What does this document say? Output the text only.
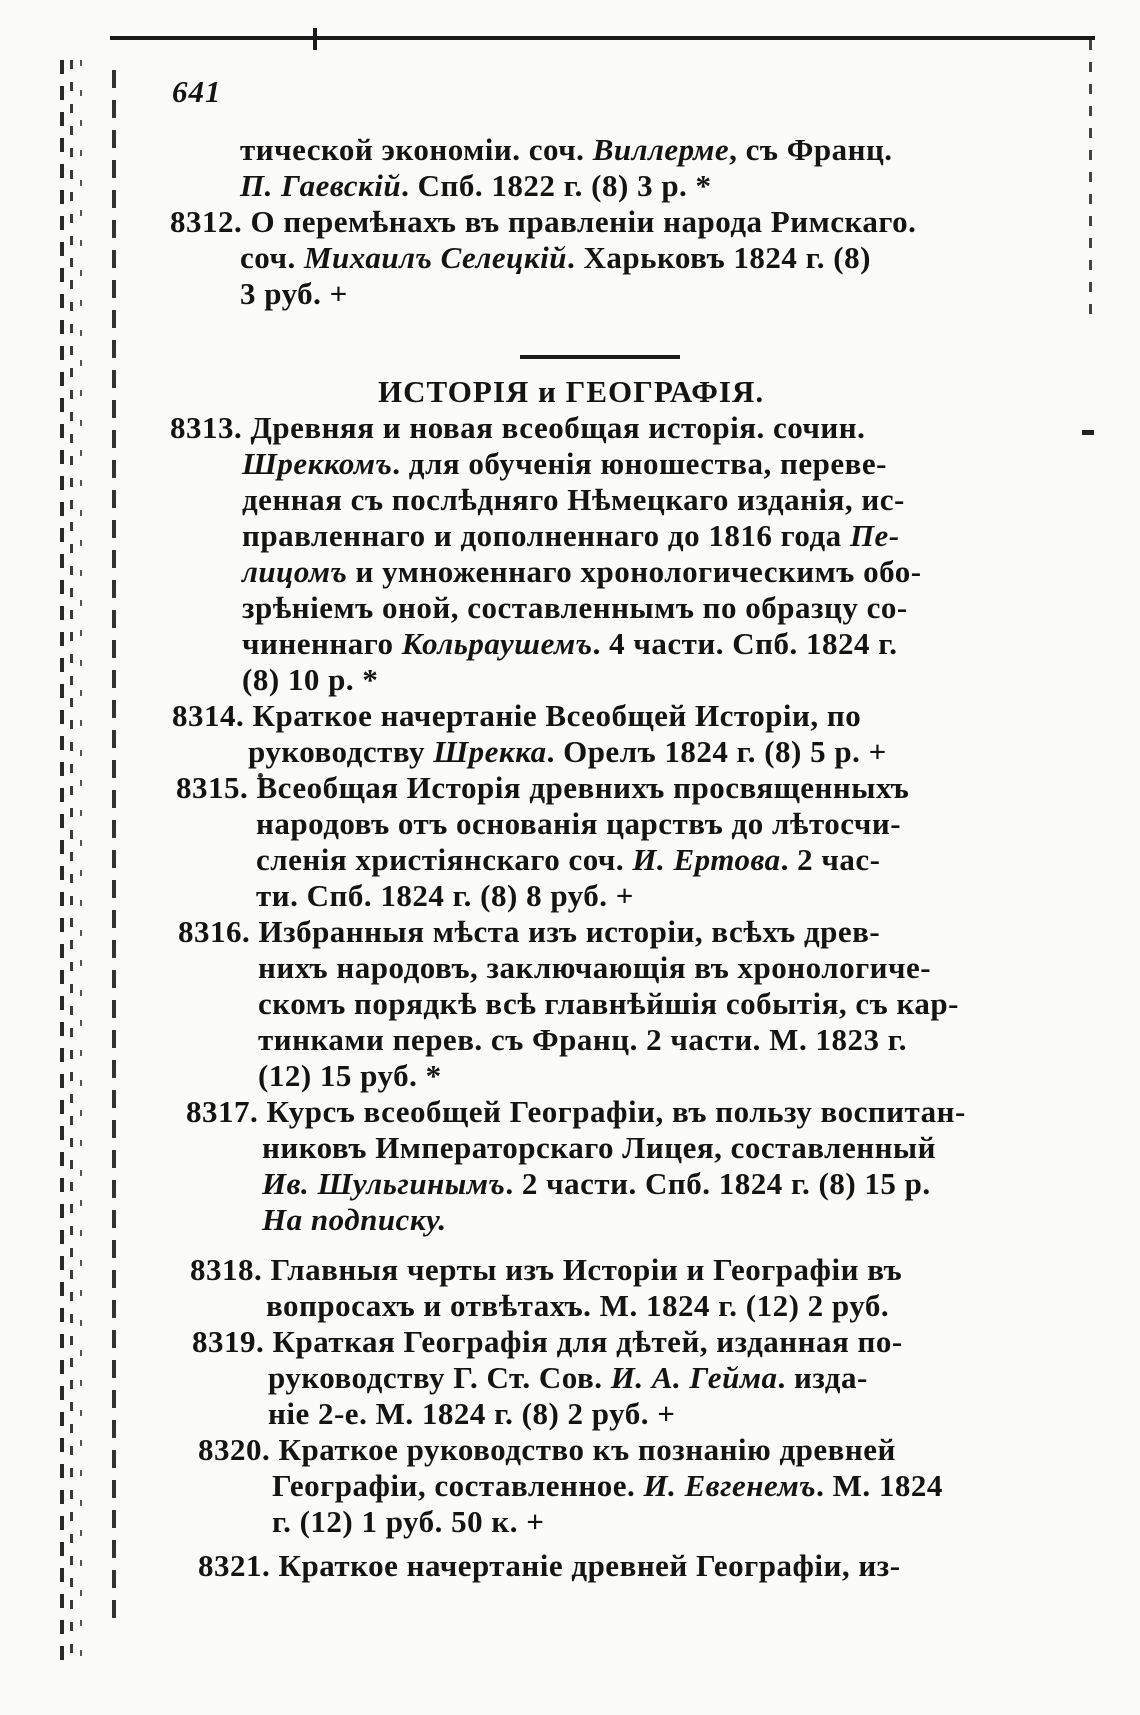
641
тической экономіи. соч. Виллерме, съ Франц.
П. Гаевскій. Спб. 1822 г. (8) 3 р. *
8312. О перемѣнахъ въ правленіи народа Римскаго.
соч. Михаилъ Селецкій. Харьковъ 1824 г. (8)
3 руб. +
ИСТОРІЯ и ГЕОГРАФІЯ.
8313. Древняя и новая всеобщая исторія. сочин.
Шреккомъ. для обученія юношества, переве-
денная съ послѣдняго Нѣмецкаго изданія, ис-
правленнаго и дополненнаго до 1816 года Пе-
лицомъ и умноженнаго хронологическимъ обо-
зрѣніемъ оной, составленнымъ по образцу со-
чиненнаго Кольраушемъ. 4 части. Спб. 1824 г.
(8) 10 р. *
8314. Краткое начертаніе Всеобщей Исторіи, по
руководству Шрекка. Орелъ 1824 г. (8) 5 р. +
8315. Всеобщая Исторія древнихъ просвященныхъ
народовъ отъ основанія царствъ до лѣтосчи-
сленія христіянскаго соч. И. Ертова. 2 час-
ти. Спб. 1824 г. (8) 8 руб. +
8316. Избранныя мѣста изъ исторіи, всѣхъ древ-
нихъ народовъ, заключающія въ хронологиче-
скомъ порядкѣ всѣ главнѣйшія событія, съ кар-
тинками перев. съ Франц. 2 части. М. 1823 г.
(12) 15 руб. *
8317. Курсъ всеобщей Географіи, въ пользу воспитан-
никовъ Императорскаго Лицея, составленный
Ив. Шульгинымъ. 2 части. Спб. 1824 г. (8) 15 р.
На подписку.
8318. Главныя черты изъ Исторіи и Географіи въ
вопросахъ и отвѣтахъ. М. 1824 г. (12) 2 руб.
8319. Краткая Географія для дѣтей, изданная по-
руководству Г. Ст. Сов. И. А. Гейма. изда-
ніе 2-е. М. 1824 г. (8) 2 руб. +
8320. Краткое руководство къ познанію древней
Географіи, составленное. И. Евгенемъ. М. 1824
г. (12) 1 руб. 50 к. +
8321. Краткое начертаніе древней Географіи, из-
